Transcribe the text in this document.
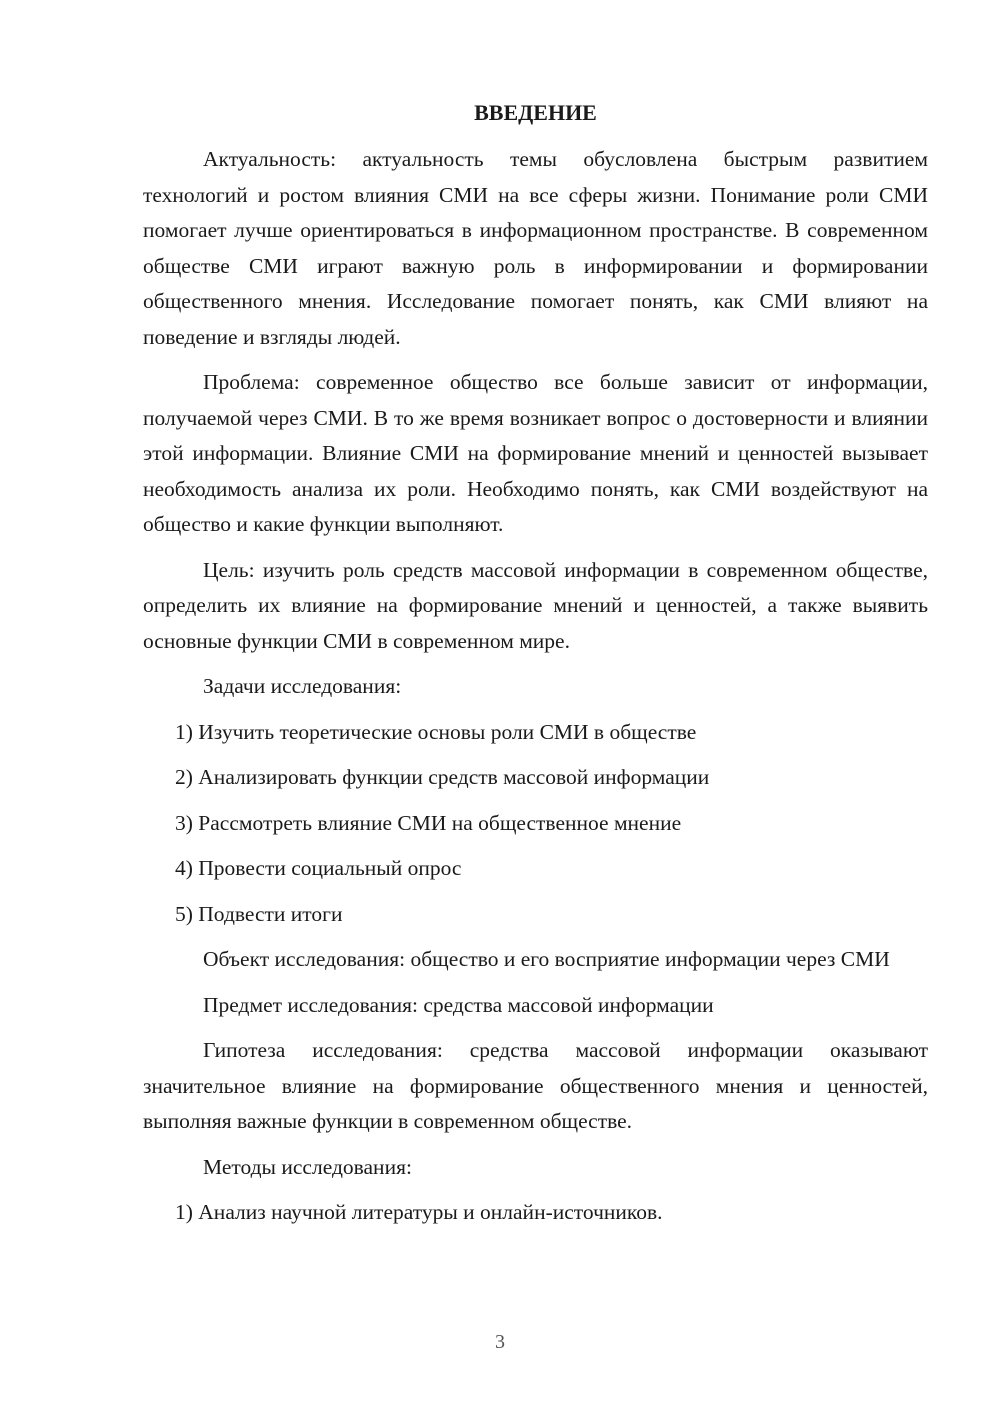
ВВЕДЕНИЕ

Актуальность: актуальность темы обусловлена быстрым развитием технологий и ростом влияния СМИ на все сферы жизни. Понимание роли СМИ помогает лучше ориентироваться в информационном пространстве. В современном обществе СМИ играют важную роль в информировании и формировании общественного мнения. Исследование помогает понять, как СМИ влияют на поведение и взгляды людей.

Проблема: современное общество все больше зависит от информации, получаемой через СМИ. В то же время возникает вопрос о достоверности и влиянии этой информации. Влияние СМИ на формирование мнений и ценностей вызывает необходимость анализа их роли. Необходимо понять, как СМИ воздействуют на общество и какие функции выполняют.

Цель: изучить роль средств массовой информации в современном обществе, определить их влияние на формирование мнений и ценностей, а также выявить основные функции СМИ в современном мире.

Задачи исследования:

1) Изучить теоретические основы роли СМИ в обществе

2) Анализировать функции средств массовой информации

3) Рассмотреть влияние СМИ на общественное мнение

4) Провести социальный опрос

5) Подвести итоги

Объект исследования: общество и его восприятие информации через СМИ

Предмет исследования: средства массовой информации

Гипотеза исследования: средства массовой информации оказывают значительное влияние на формирование общественного мнения и ценностей, выполняя важные функции в современном обществе.

Методы исследования:

1) Анализ научной литературы и онлайн-источников.

3
